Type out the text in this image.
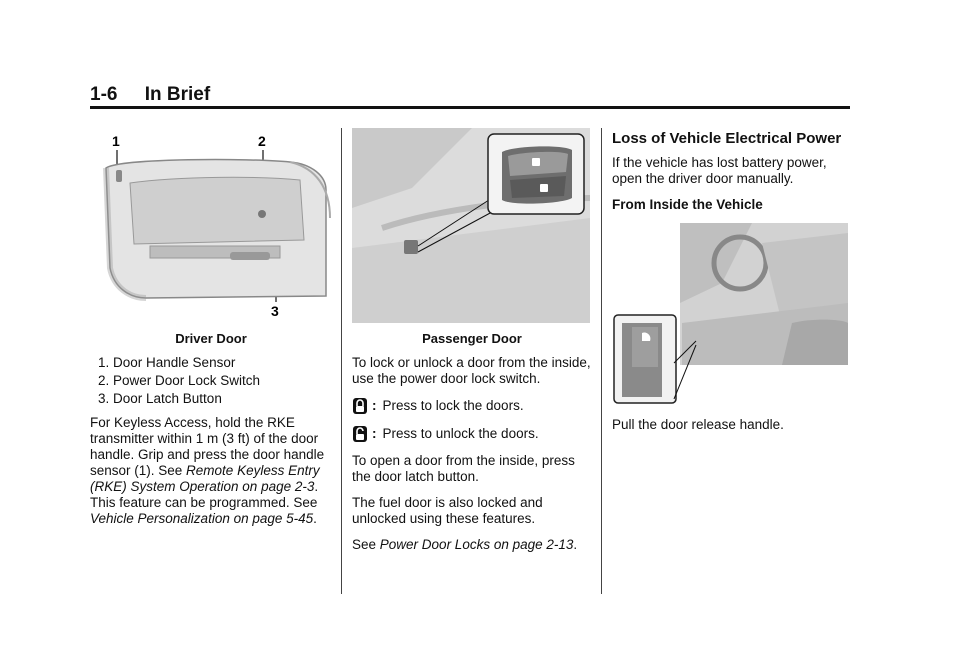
1-6 In Brief
1	2
3
Driver Door
1. Door Handle Sensor
2. Power Door Lock Switch
3. Door Latch Button

For Keyless Access, hold the RKE transmitter within 1 m (3 ft) of the door handle. Grip and press the door handle sensor (1). See Remote Keyless Entry (RKE) System Operation on page 2-3. This feature can be programmed. See Vehicle Personalization on page 5-45.

Passenger Door

To lock or unlock a door from the inside, use the power door lock switch.

: Press to lock the doors.
: Press to unlock the doors.

To open a door from the inside, press the door latch button.

The fuel door is also locked and unlocked using these features.

See Power Door Locks on page 2-13.

Loss of Vehicle Electrical Power

If the vehicle has lost battery power, open the driver door manually.

From Inside the Vehicle

Pull the door release handle.
